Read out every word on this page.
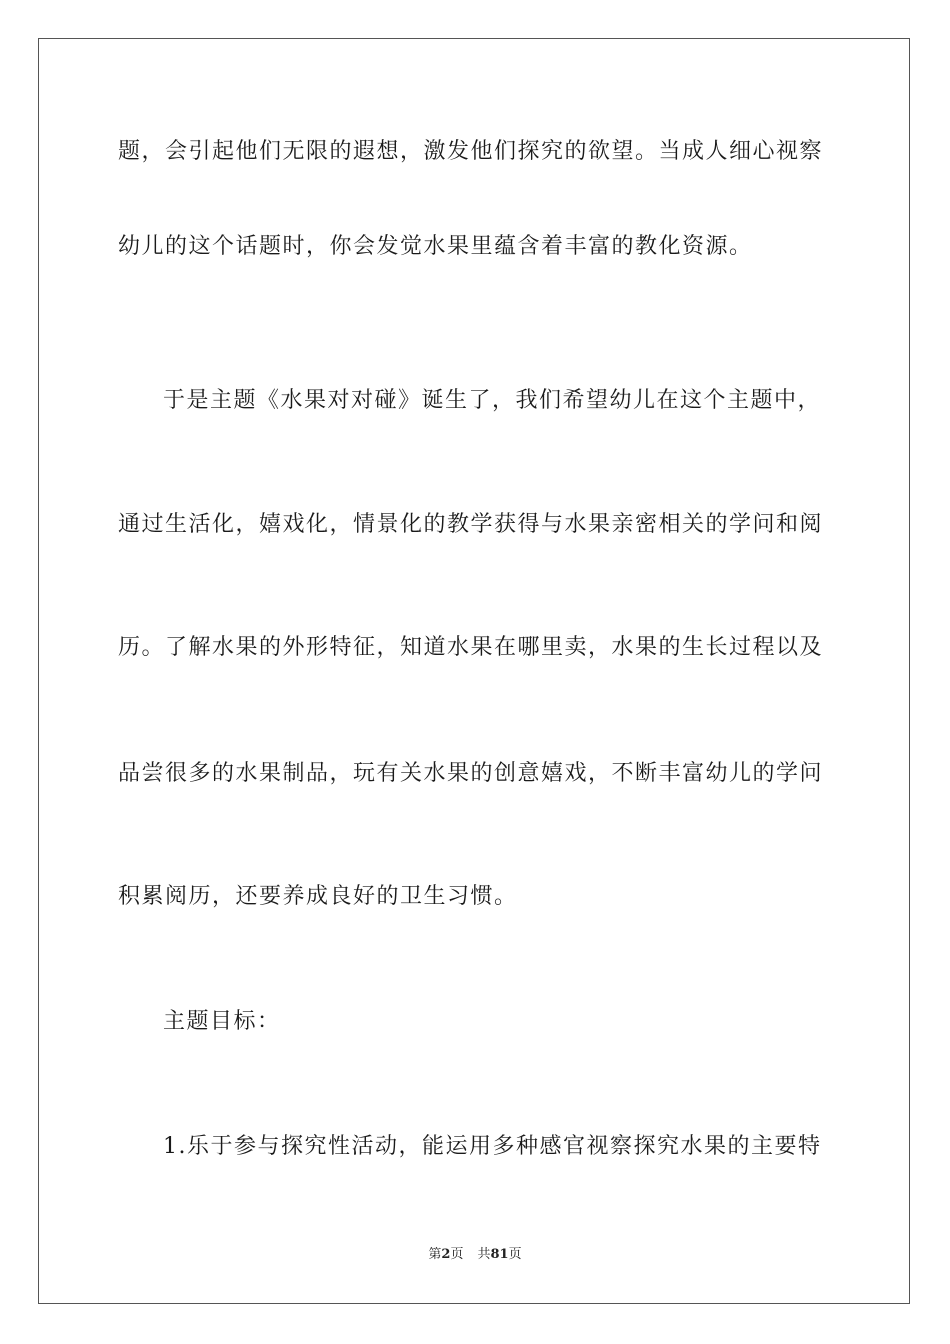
题，会引起他们无限的遐想，激发他们探究的欲望。当成人细心视察
幼儿的这个话题时，你会发觉水果里蕴含着丰富的教化资源。
于是主题《水果对对碰》诞生了，我们希望幼儿在这个主题中，
通过生活化，嬉戏化，情景化的教学获得与水果亲密相关的学问和阅
历。了解水果的外形特征，知道水果在哪里卖，水果的生长过程以及
品尝很多的水果制品，玩有关水果的创意嬉戏，不断丰富幼儿的学问
积累阅历，还要养成良好的卫生习惯。
主题目标：
1.乐于参与探究性活动，能运用多种感官视察探究水果的主要特
第2页 共81页
